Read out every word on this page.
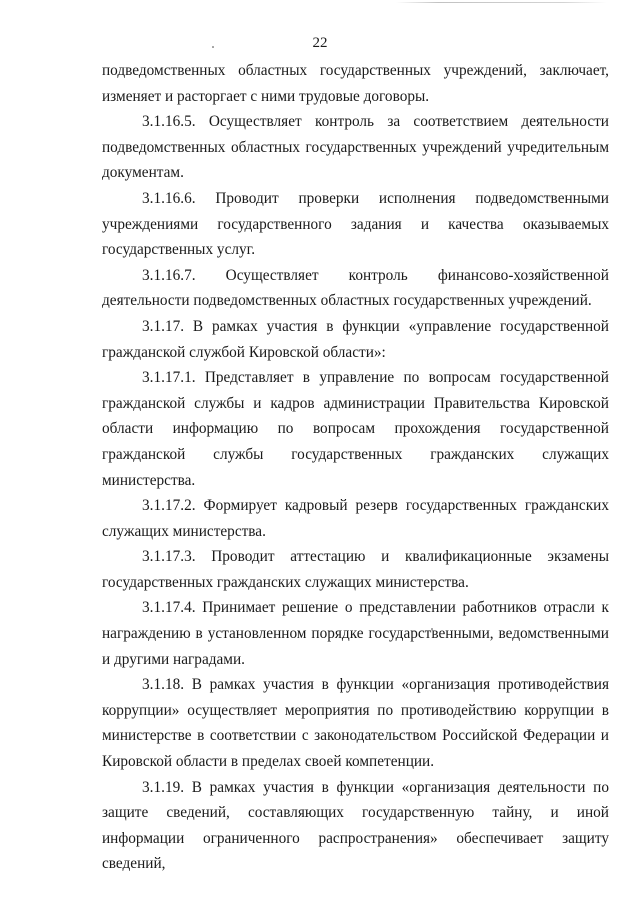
22

подведомственных областных государственных учреждений, заключает, изменяет и расторгает с ними трудовые договоры.

3.1.16.5. Осуществляет контроль за соответствием деятельности подведомственных областных государственных учреждений учредительным документам.

3.1.16.6. Проводит проверки исполнения подведомственными учреждениями государственного задания и качества оказываемых государственных услуг.

3.1.16.7. Осуществляет контроль финансово-хозяйственной деятельности подведомственных областных государственных учреждений.

3.1.17. В рамках участия в функции «управление государственной гражданской службой Кировской области»:

3.1.17.1. Представляет в управление по вопросам государственной гражданской службы и кадров администрации Правительства Кировской области информацию по вопросам прохождения государственной гражданской службы государственных гражданских служащих министерства.

3.1.17.2. Формирует кадровый резерв государственных гражданских служащих министерства.

3.1.17.3. Проводит аттестацию и квалификационные экзамены государственных гражданских служащих министерства.

3.1.17.4. Принимает решение о представлении работников отрасли к награждению в установленном порядке государственными, ведомственными и другими наградами.

3.1.18. В рамках участия в функции «организация противодействия коррупции» осуществляет мероприятия по противодействию коррупции в министерстве в соответствии с законодательством Российской Федерации и Кировской области в пределах своей компетенции.

3.1.19. В рамках участия в функции «организация деятельности по защите сведений, составляющих государственную тайну, и иной информации ограниченного распространения» обеспечивает защиту сведений,
